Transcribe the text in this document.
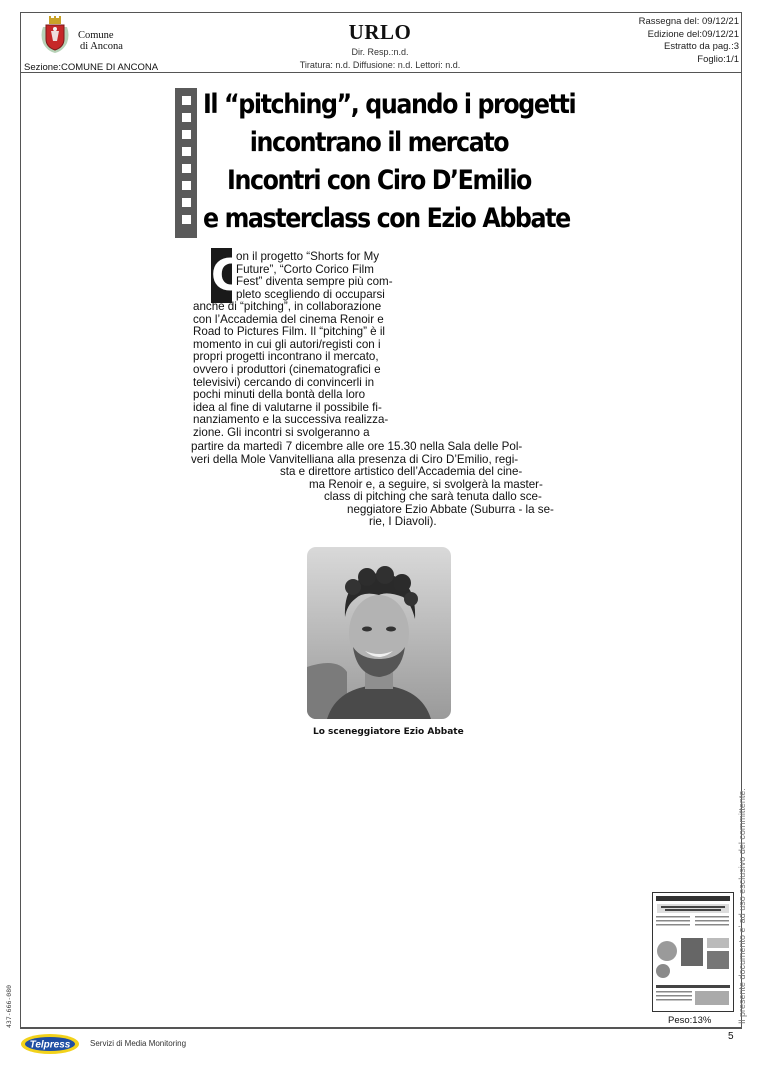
Comune
di Ancona
Sezione:COMUNE DI ANCONA
URLO
Dir. Resp.:n.d.
Tiratura: n.d. Diffusione: n.d. Lettori: n.d.
Rassegna del: 09/12/21
Edizione del:09/12/21
Estratto da pag.:3
Foglio:1/1
Il “pitching”, quando i progetti
incontrano il mercato
Incontri con Ciro D’Emilio
e masterclass con Ezio Abbate
C
on il progetto “Shorts for My
Future”, “Corto Corico Film
Fest” diventa sempre più com-
pleto scegliendo di occuparsi
anche di “pitching”, in collaborazione
con l’Accademia del cinema Renoir e
Road to Pictures Film. Il “pitching” è il
momento in cui gli autori/registi con i
propri progetti incontrano il mercato,
ovvero i produttori (cinematografici e
televisivi) cercando di convincerli in
pochi minuti della bontà della loro
idea al fine di valutarne il possibile fi-
nanziamento e la successiva realizza-
zione. Gli incontri si svolgeranno a
partire da martedì 7 dicembre alle ore 15.30 nella Sala delle Pol-
veri della Mole Vanvitelliana alla presenza di Ciro D’Emilio, regi-
sta e direttore artistico dell’Accademia del cine-
ma Renoir e, a seguire, si svolgerà la master-
class di pitching che sarà tenuta dallo sce-
neggiatore Ezio Abbate (Suburra - la se-
rie, I Diavoli).
Lo sceneggiatore Ezio Abbate
Peso:13%	Il presente documento e' ad uso esclusivo del committente.
437-666-080
Telpress Servizi di Media Monitoring
5
